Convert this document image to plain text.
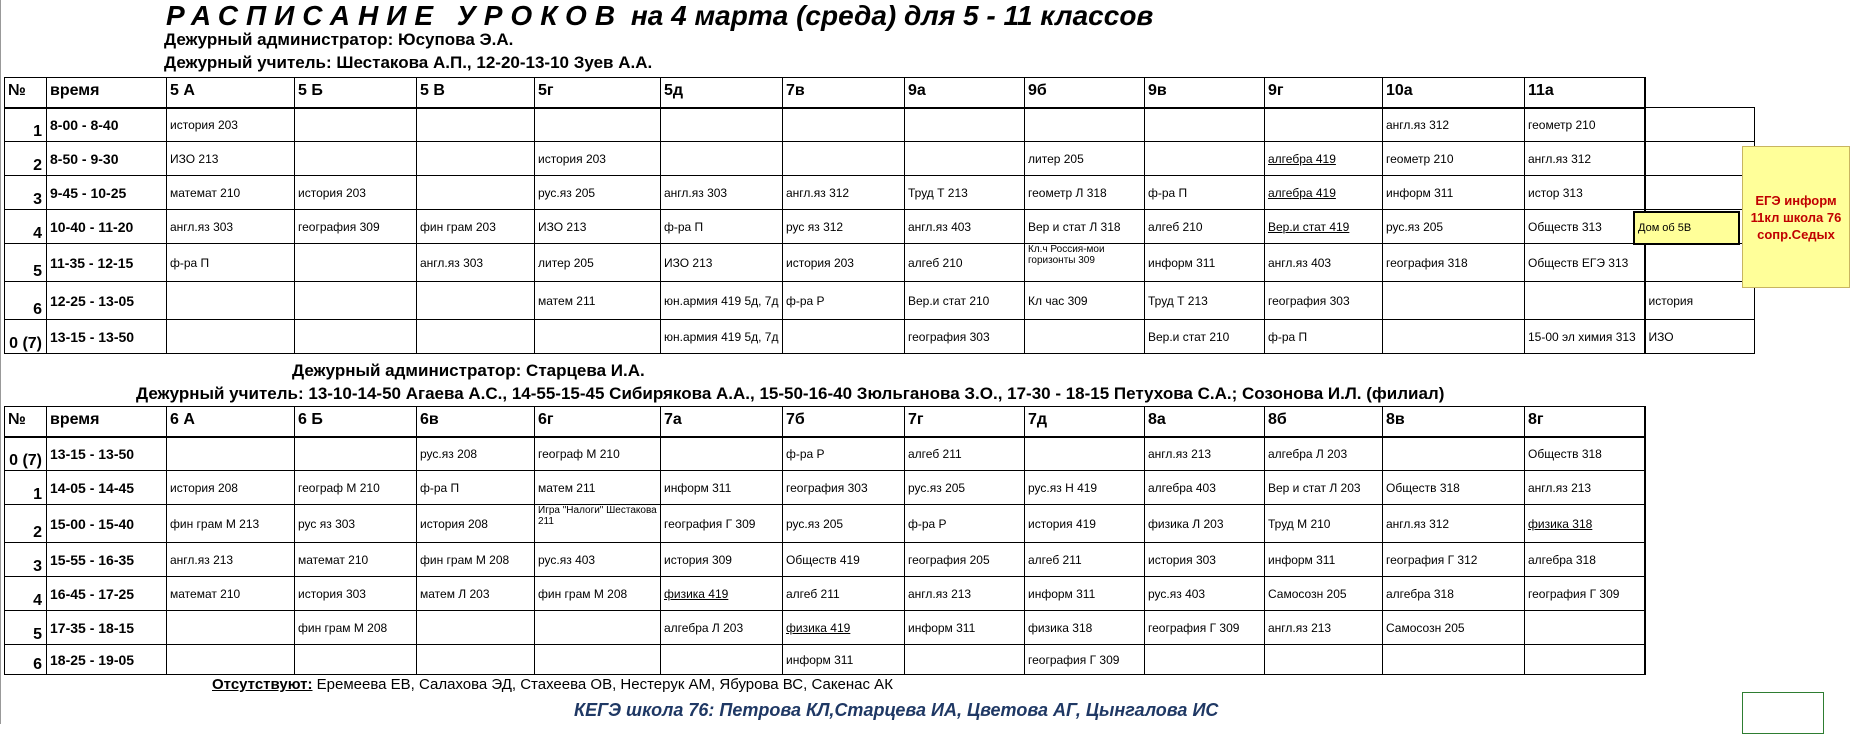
РАСПИСАНИЕ УРОКОВ на 4 марта (среда) для 5 - 11 классов
Дежурный администратор: Юсупова Э.А.
Дежурный учитель: Шестакова А.П., 12-20-13-10 Зуев А.А.
№	время	5 А	5 Б	5 В	5г	5д	7в	9а	9б	9в	9г	10а	11а	
1	8-00 - 8-40	история 203										англ.яз 312	геометр 210	
2	8-50 - 9-30	ИЗО 213			история 203				литер 205		алгебра 419	геометр 210	англ.яз 312	
3	9-45 - 10-25	математ 210	история 203		рус.яз 205	англ.яз 303	англ.яз 312	Труд Т 213	геометр Л 318	ф-ра П	алгебра 419	информ 311	истор 313	
4	10-40 - 11-20	англ.яз 303	география 309	фин грам 203	ИЗО 213	ф-ра П	рус яз 312	англ.яз 403	Вер и стат Л 318	алгеб 210	Вер.и стат 419	рус.яз 205	Обществ 313	
5	11-35 - 12-15	ф-ра П		англ.яз 303	литер 205	ИЗО 213	история 203	алгеб 210	Кл.ч Россия-мои горизонты 309	информ 311	англ.яз 403	география 318	Обществ ЕГЭ 313	
6	12-25 - 13-05				матем 211	юн.армия 419 5д, 7д	ф-ра Р	Вер.и стат 210	Кл час 309	Труд Т 213	география 303			история
0 (7)	13-15 - 13-50					юн.армия 419 5д, 7д		география 303		Вер.и стат 210	ф-ра П		15-00 эл химия 313	ИЗО
Дом об 5В
ЕГЭ информ 11кл школа 76 сопр.Седых
Дежурный администратор: Старцева И.А.
Дежурный учитель: 13-10-14-50 Агаева А.С., 14-55-15-45 Сибирякова А.А., 15-50-16-40 Зюльганова З.О., 17-30 - 18-15 Петухова С.А.; Созонова И.Л. (филиал)
№	время	6 А	6 Б	6в	6г	7а	7б	7г	7д	8а	8б	8в	8г
0 (7)	13-15 - 13-50			рус.яз 208	географ М 210		ф-ра Р	алгеб 211		англ.яз 213	алгебра Л 203		Обществ 318
1	14-05 - 14-45	история 208	географ М 210	ф-ра П	матем 211	информ 311	география 303	рус.яз 205	рус.яз Н 419	алгебра 403	Вер и стат Л 203	Обществ 318	англ.яз 213
2	15-00 - 15-40	фин грам М 213	рус яз 303	история 208	Игра "Налоги" Шестакова 211	география Г 309	рус.яз 205	ф-ра Р	история 419	физика Л 203	Труд М 210	англ.яз 312	физика 318
3	15-55 - 16-35	англ.яз 213	математ 210	фин грам М 208	рус.яз 403	история 309	Обществ 419	география 205	алгеб 211	история 303	информ 311	география Г 312	алгебра 318
4	16-45 - 17-25	математ 210	история 303	матем Л 203	фин грам М 208	физика 419	алгеб 211	англ.яз 213	информ 311	рус.яз 403	Самосозн 205	алгебра 318	география Г 309
5	17-35 - 18-15		фин грам М 208			алгебра Л 203	физика 419	информ 311	физика 318	география Г 309	англ.яз 213	Самосозн 205	
6	18-25 - 19-05						информ 311		география Г 309				
Отсутствуют: Еремеева ЕВ, Салахова ЭД, Стахеева ОВ, Нестерук АМ, Ябурова ВС, Сакенас АК
КЕГЭ школа 76: Петрова КЛ,Старцева ИА, Цветова АГ, Цынгалова ИС
